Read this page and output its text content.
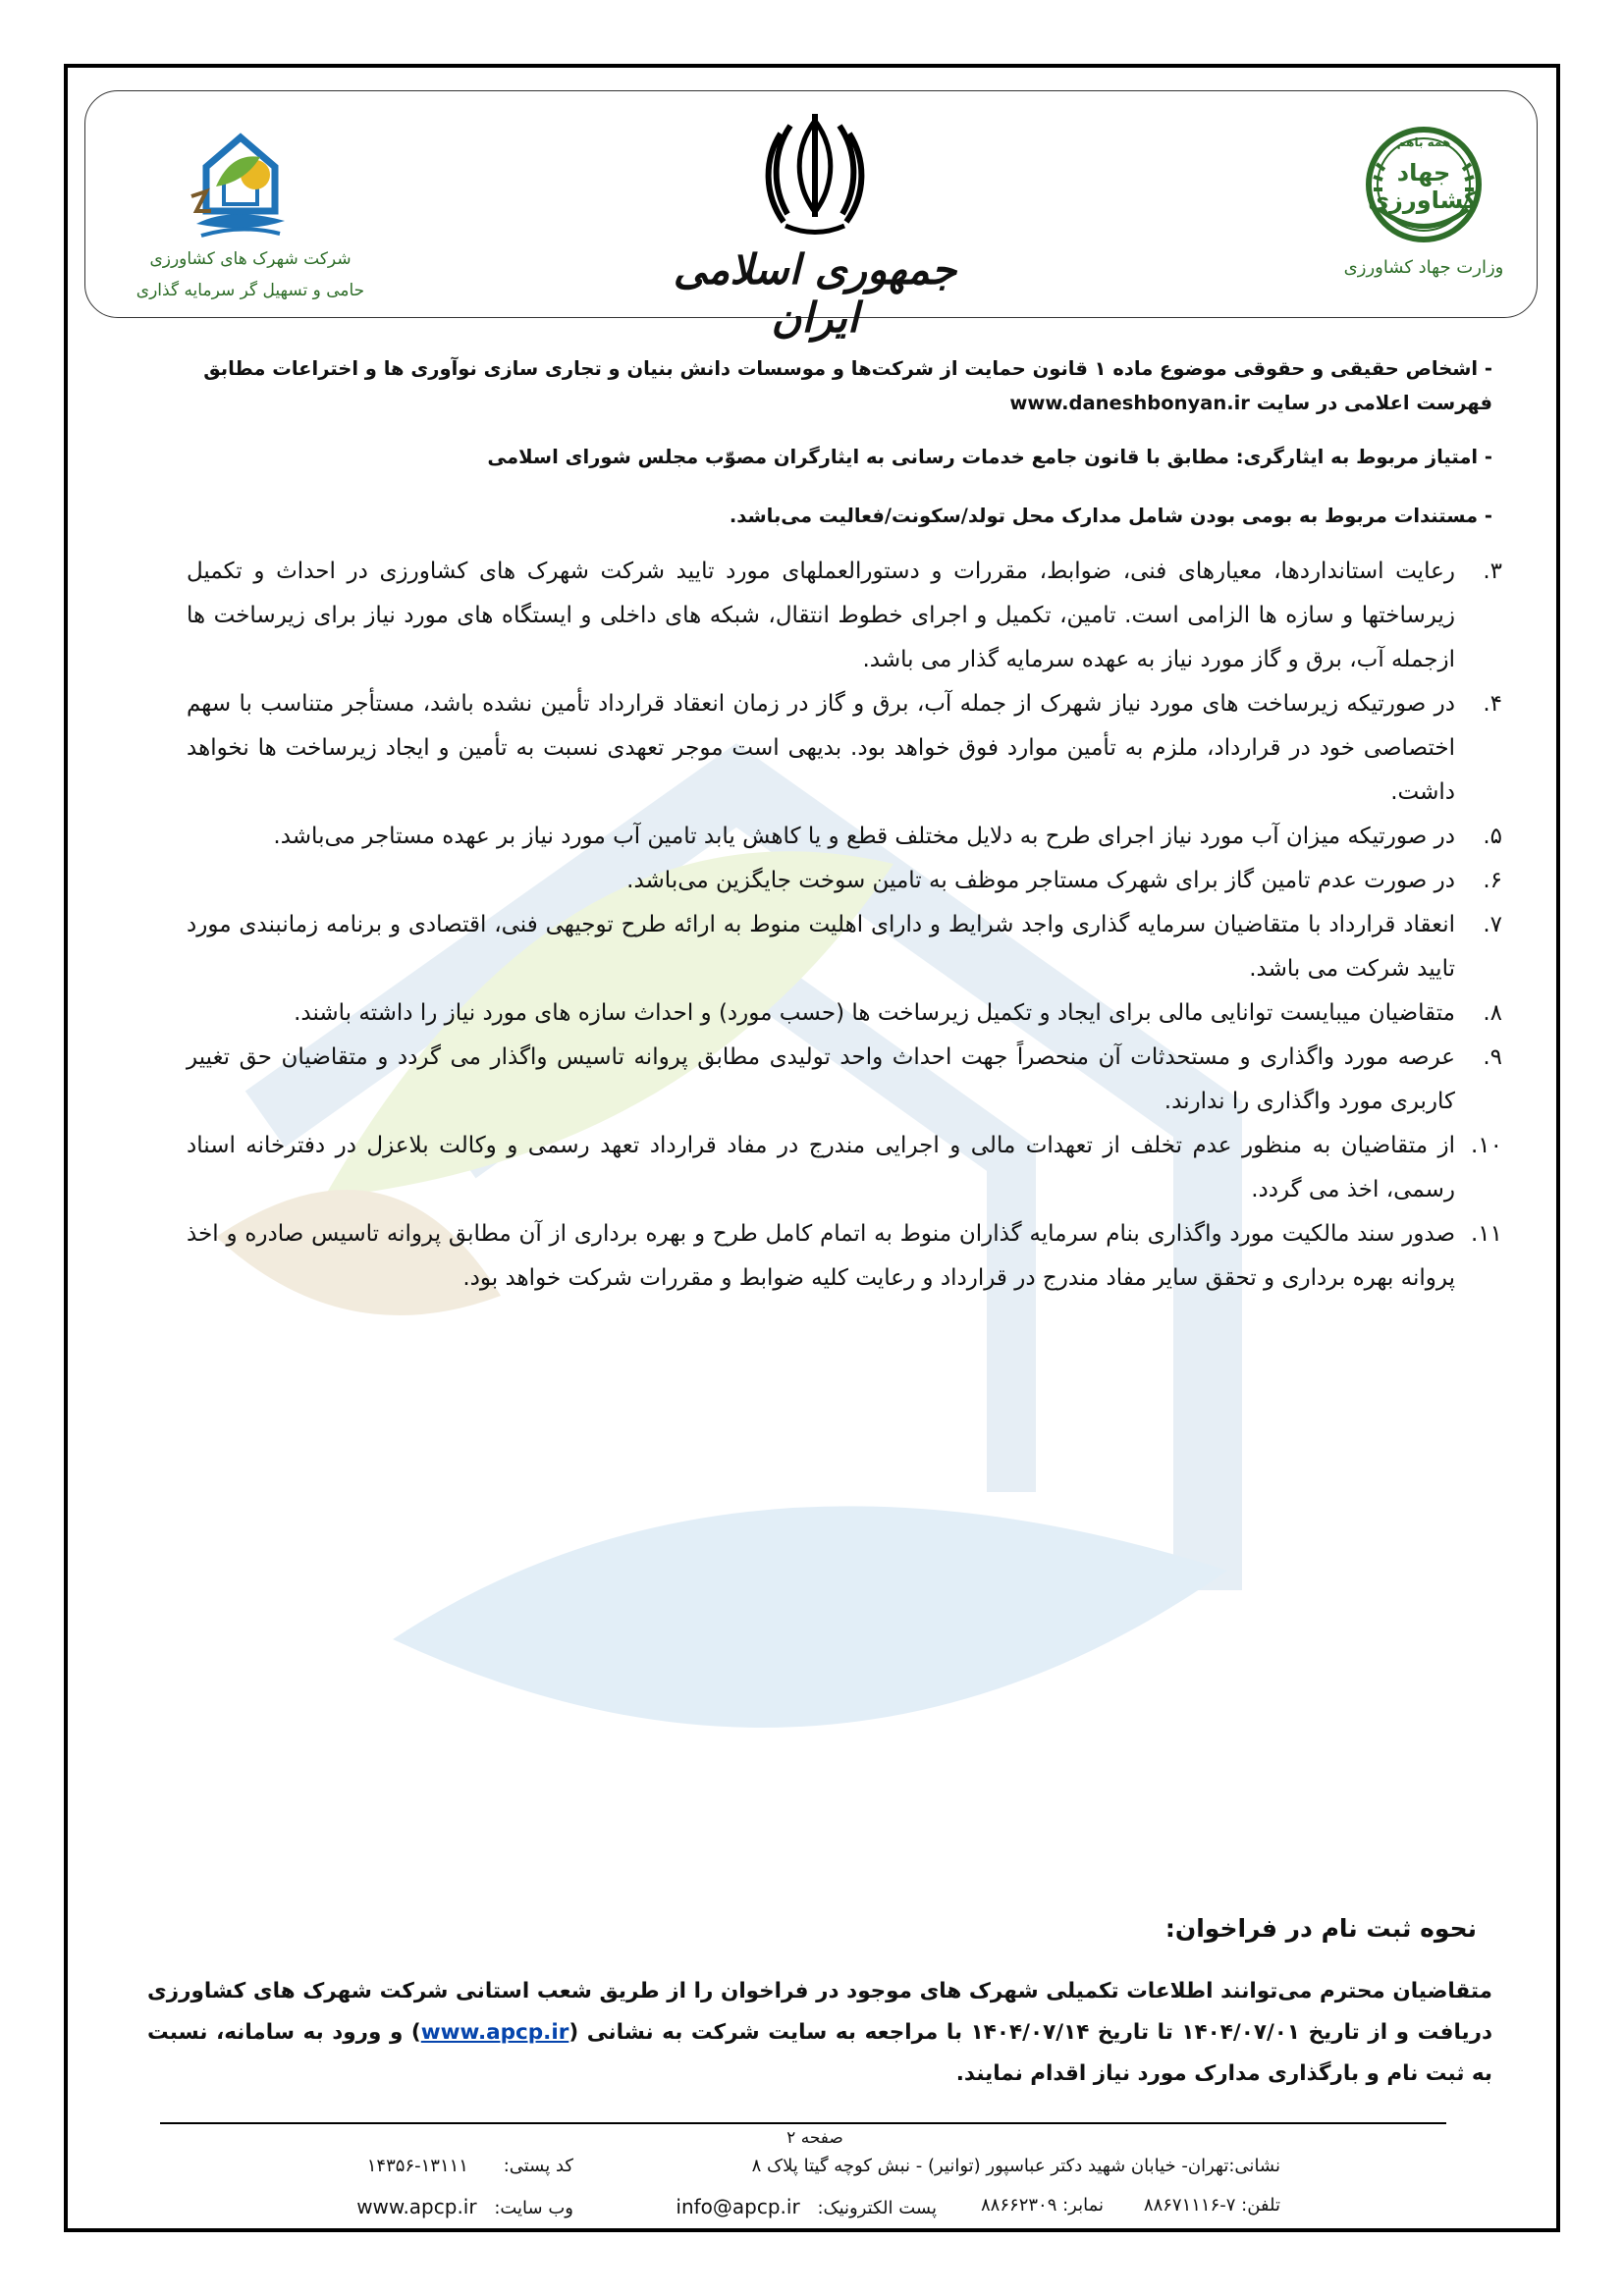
جهاد کشاورزی
همه باهم
وزارت جهاد کشاورزی
جمهوری اسلامی ایران
شرکت شهرک های کشاورزی
حامی و تسهیل گر سرمایه گذاری
- اشخاص حقیقی و حقوقی موضوع ماده ۱ قانون حمایت از شرکت‌ها و موسسات دانش بنیان و تجاری سازی نوآوری ها و اختراعات مطابق فهرست اعلامی در سایت www.daneshbonyan.ir
- امتیاز مربوط به ایثارگری: مطابق با قانون جامع خدمات رسانی به ایثارگران مصوّب مجلس شورای اسلامی
- مستندات مربوط به بومی بودن شامل مدارک محل تولد/سکونت/فعالیت می‌باشد.
۳.
رعایت استانداردها، معیارهای فنی، ضوابط، مقررات و دستورالعملهای مورد تایید شرکت شهرک های کشاورزی در احداث و تکمیل زیرساختها و سازه ها الزامی است. تامین، تکمیل و اجرای خطوط انتقال، شبکه های داخلی و ایستگاه های مورد نیاز برای زیرساخت ها ازجمله آب، برق و گاز مورد نیاز به عهده سرمایه گذار می باشد.
۴.
در صورتیکه زیرساخت های مورد نیاز شهرک از جمله آب، برق و گاز در زمان انعقاد قرارداد تأمین نشده باشد، مستأجر متناسب با سهم اختصاصی خود در قرارداد، ملزم به تأمین موارد فوق خواهد بود. بدیهی است موجر تعهدی نسبت به تأمین و ایجاد زیرساخت ها نخواهد داشت.
۵.
در صورتیکه میزان آب مورد نیاز اجرای طرح به دلایل مختلف قطع و یا کاهش یابد تامین آب مورد نیاز بر عهده مستاجر می‌باشد.
۶.
در صورت عدم تامین گاز برای شهرک مستاجر موظف به تامین سوخت جایگزین می‌باشد.
۷.
انعقاد قرارداد با متقاضیان سرمایه گذاری واجد شرایط و دارای اهلیت منوط به ارائه طرح توجیهی فنی، اقتصادی و برنامه زمانبندی مورد تایید شرکت می باشد.
۸.
متقاضیان میبایست توانایی مالی برای ایجاد و تکمیل زیرساخت ها (حسب مورد) و احداث سازه های مورد نیاز را داشته باشند.
۹.
عرصه مورد واگذاری و مستحدثات آن منحصراً جهت احداث واحد تولیدی مطابق پروانه تاسیس واگذار می گردد و متقاضیان حق تغییر کاربری مورد واگذاری را ندارند.
۱۰.
از متقاضیان به منظور عدم تخلف از تعهدات مالی و اجرایی مندرج در مفاد قرارداد تعهد رسمی و وکالت بلاعزل در دفترخانه اسناد رسمی، اخذ می گردد.
۱۱.
صدور سند مالکیت مورد واگذاری بنام سرمایه گذاران منوط به اتمام کامل طرح و بهره برداری از آن مطابق پروانه تاسیس صادره و اخذ پروانه بهره برداری و تحقق سایر مفاد مندرج در قرارداد و رعایت کلیه ضوابط و مقررات شرکت خواهد بود.
نحوه ثبت نام در فراخوان:
متقاضیان محترم می‌توانند اطلاعات تکمیلی شهرک های موجود در فراخوان را از طریق شعب استانی شرکت شهرک های کشاورزی دریافت و از تاریخ ۱۴۰۴/۰۷/۰۱ تا تاریخ ۱۴۰۴/۰۷/۱۴ با مراجعه به سایت شرکت به نشانی (www.apcp.ir) و ورود به سامانه، نسبت به ثبت نام و بارگذاری مدارک مورد نیاز اقدام نمایند.
صفحه ۲
نشانی:تهران- خیابان شهید دکتر عباسپور (توانیر) - نبش کوچه گیتا پلاک ۸
کد پستی: ۱۳۱۱۱-۱۴۳۵۶
تلفن: ۷-۸۸۶۷۱۱۱۶
نمابر: ۸۸۶۶۲۳۰۹
پست الکترونیک: info@apcp.ir
وب سایت: www.apcp.ir
